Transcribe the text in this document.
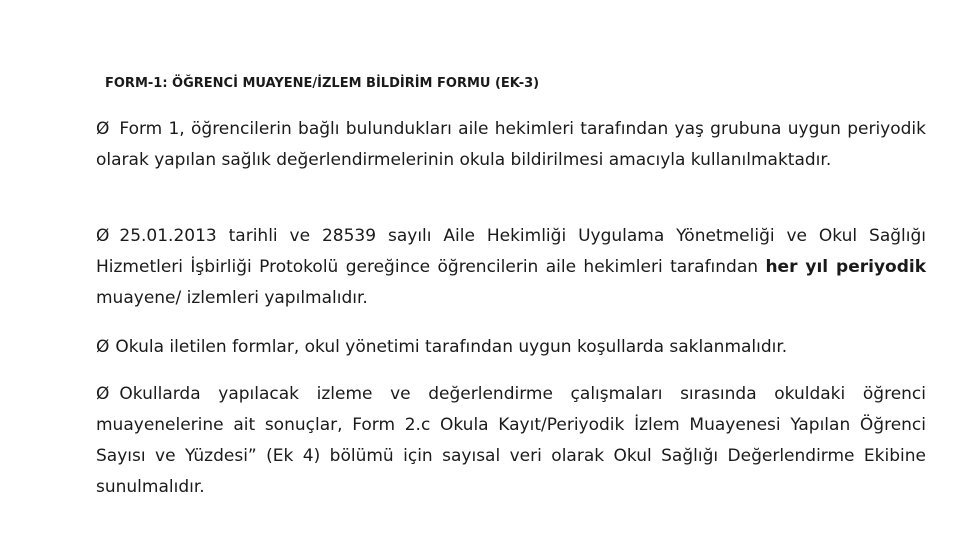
FORM-1: ÖĞRENCİ MUAYENE/İZLEM BİLDİRİM FORMU (EK-3)
Ø Form 1, öğrencilerin bağlı bulundukları aile hekimleri tarafından yaş grubuna uygun periyodik olarak yapılan sağlık değerlendirmelerinin okula bildirilmesi amacıyla kullanılmaktadır.
Ø 25.01.2013 tarihli ve 28539 sayılı Aile Hekimliği Uygulama Yönetmeliği ve Okul Sağlığı Hizmetleri İşbirliği Protokolü gereğince öğrencilerin aile hekimleri tarafından her yıl periyodik muayene/ izlemleri yapılmalıdır.
Ø Okula iletilen formlar, okul yönetimi tarafından uygun koşullarda saklanmalıdır.
Ø Okullarda yapılacak izleme ve değerlendirme çalışmaları sırasında okuldaki öğrenci muayenelerine ait sonuçlar, Form 2.c Okula Kayıt/Periyodik İzlem Muayenesi Yapılan Öğrenci Sayısı ve Yüzdesi” (Ek 4) bölümü için sayısal veri olarak Okul Sağlığı Değerlendirme Ekibine sunulmalıdır.
